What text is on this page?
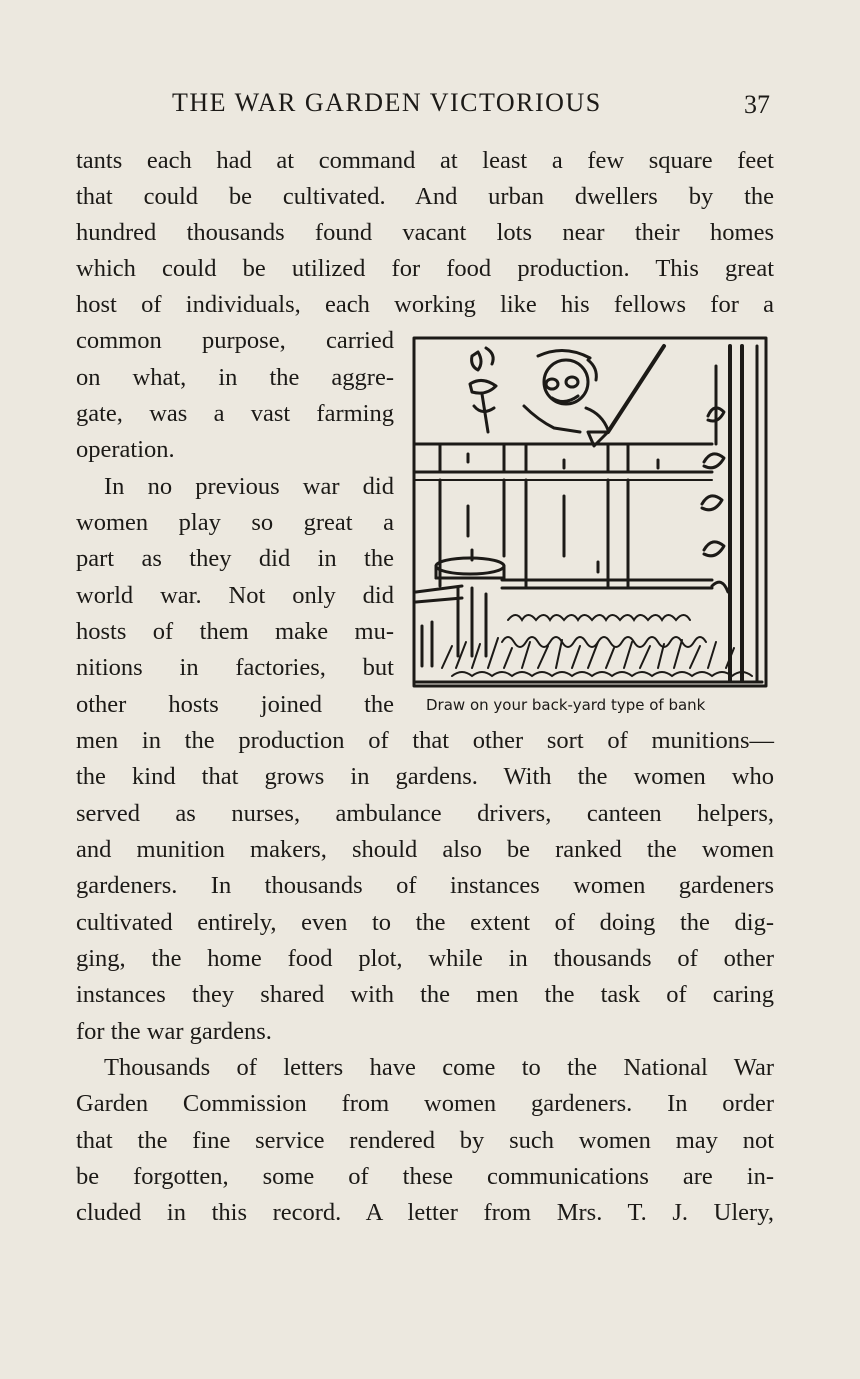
THE WAR GARDEN VICTORIOUS	37
tants each had at command at least a few square feet
that could be cultivated. And urban dwellers by the
hundred thousands found vacant lots near their homes
which could be utilized for food production. This great
host of individuals, each working like his fellows for a
common purpose, carried
on what, in the aggre-
gate, was a vast farming
operation.
In no previous war did
women play so great a
part as they did in the
world war. Not only did
hosts of them make mu-
nitions in factories, but
other hosts joined the
men in the production of that other sort of munitions—
the kind that grows in gardens. With the women who
served as nurses, ambulance drivers, canteen helpers,
and munition makers, should also be ranked the women
gardeners. In thousands of instances women gardeners
cultivated entirely, even to the extent of doing the dig-
ging, the home food plot, while in thousands of other
instances they shared with the men the task of caring
for the war gardens.
Thousands of letters have come to the National War
Garden Commission from women gardeners. In order
that the fine service rendered by such women may not
be forgotten, some of these communications are in-
cluded in this record. A letter from Mrs. T. J. Ulery,
Draw on your back-yard type of bank
